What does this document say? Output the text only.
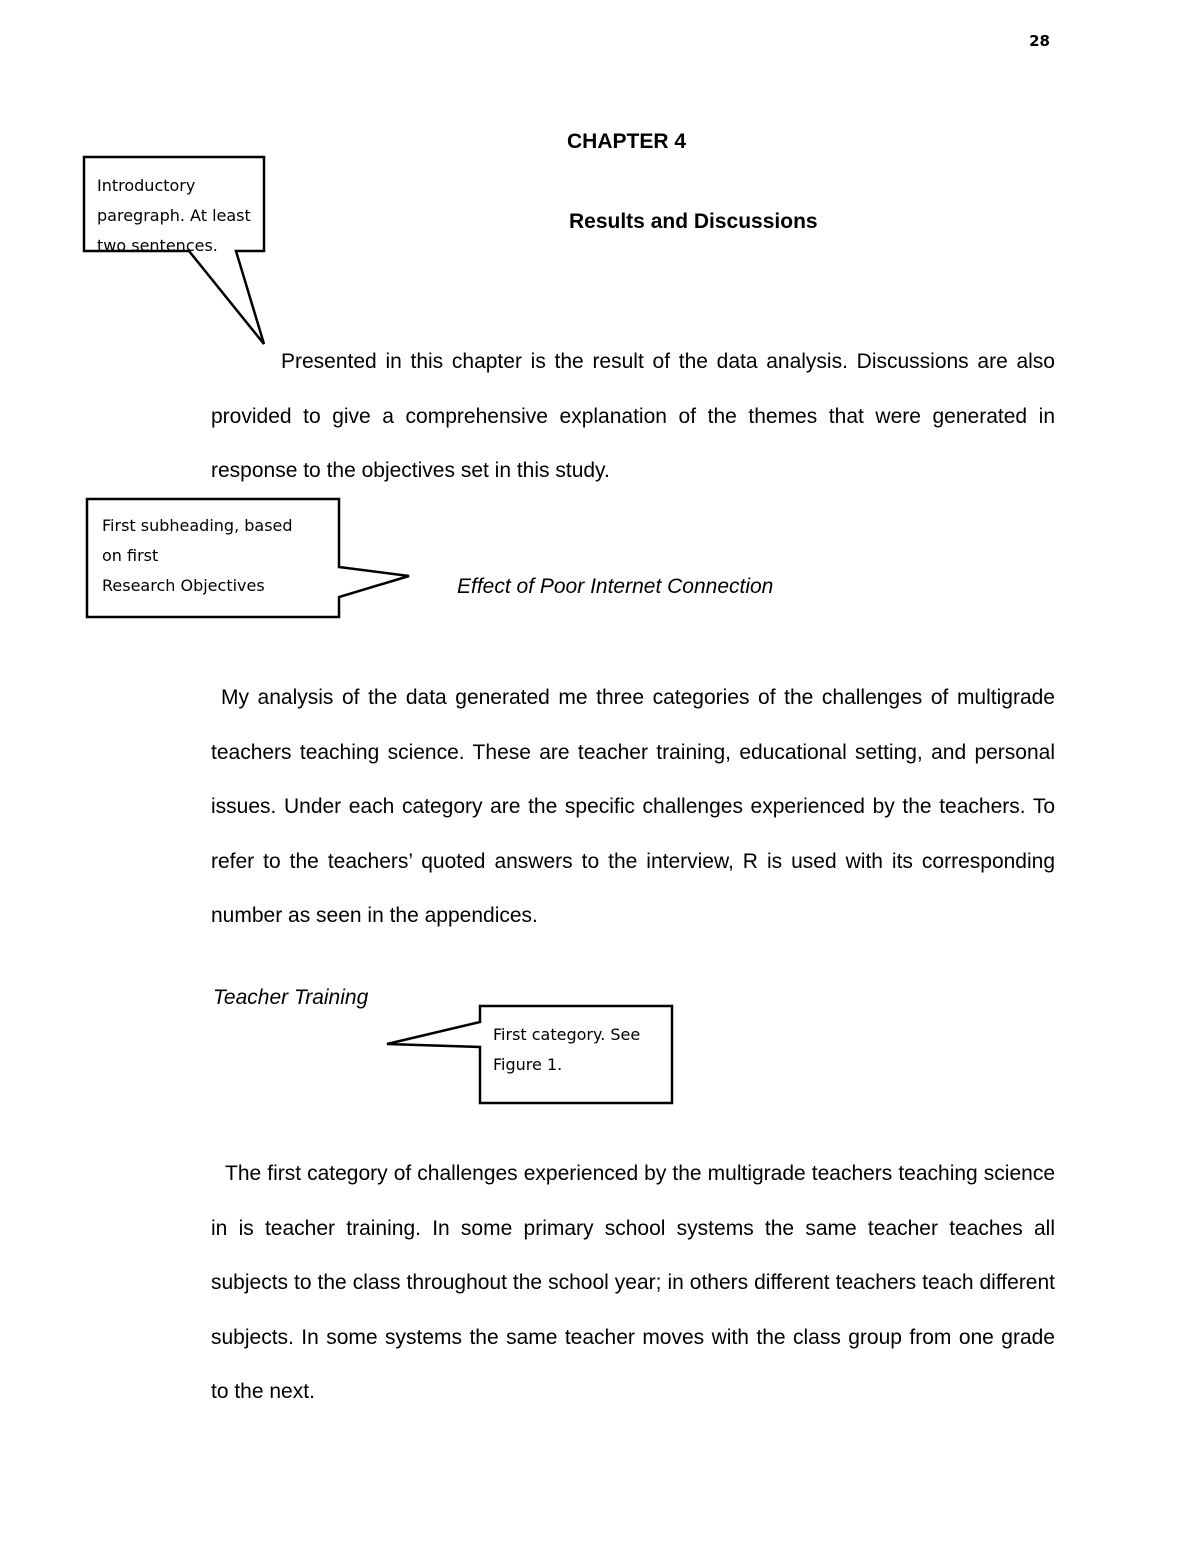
28
CHAPTER 4
Results and Discussions

Presented in this chapter is the result of the data analysis. Discussions are also provided to give a comprehensive explanation of the themes that were generated in response to the objectives set in this study.

Effect of Poor Internet Connection

My analysis of the data generated me three categories of the challenges of multigrade teachers teaching science. These are teacher training, educational setting, and personal issues. Under each category are the specific challenges experienced by the teachers. To refer to the teachers’ quoted answers to the interview, R is used with its corresponding number as seen in the appendices.

Teacher Training

The first category of challenges experienced by the multigrade teachers teaching science in is teacher training. In some primary school systems the same teacher teaches all subjects to the class throughout the school year; in others different teachers teach different subjects. In some systems the same teacher moves with the class group from one grade to the next.

Introductory
paregraph. At least
two sentences.
First subheading, based
on first
Research Objectives
First category. See
Figure 1.
